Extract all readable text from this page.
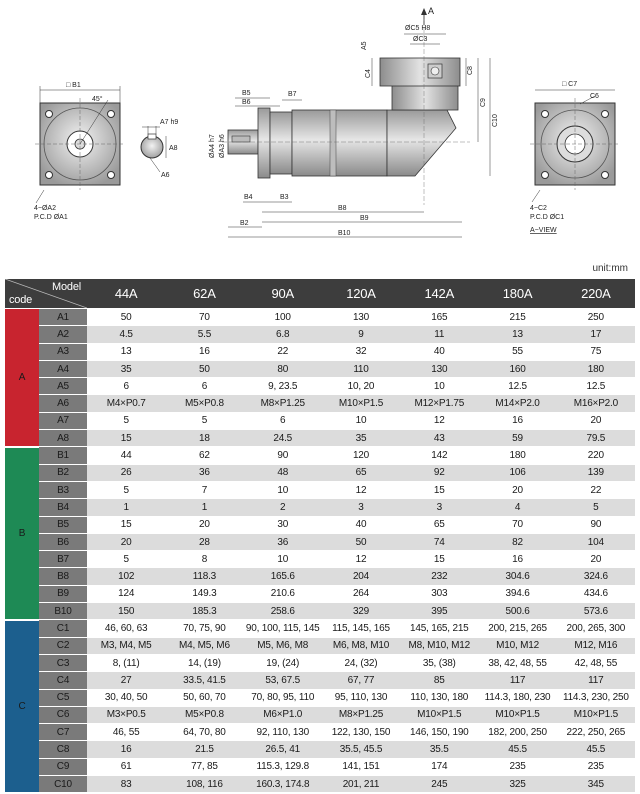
□ B1
45°
4−ØA2
P.C.D ØA1
A7 h9
A8
A6
A
ØC5 H8
ØC3
A5
C4	C8
C9
C10
B5
B6
B7
ØA4 h7 ØA3 h6
B4	B3
B8
B9
B2
B10
□ C7
C6
4−C2
P.C.D ØC1
A−VIEW
unit:mm
Model
code		44A	62A	90A	120A	142A	180A	220A
A	A1	50	70	100	130	165	215	250
	A2	4.5	5.5	6.8	9	11	13	17
	A3	13	16	22	32	40	55	75
	A4	35	50	80	110	130	160	180
	A5	6	6	9, 23.5	10, 20	10	12.5	12.5
	A6	M4×P0.7	M5×P0.8	M8×P1.25	M10×P1.5	M12×P1.75	M14×P2.0	M16×P2.0
	A7	5	5	6	10	12	16	20
	A8	15	18	24.5	35	43	59	79.5
B	B1	44	62	90	120	142	180	220
	B2	26	36	48	65	92	106	139
	B3	5	7	10	12	15	20	22
	B4	1	1	2	3	3	4	5
	B5	15	20	30	40	65	70	90
	B6	20	28	36	50	74	82	104
	B7	5	8	10	12	15	16	20
	B8	102	118.3	165.6	204	232	304.6	324.6
	B9	124	149.3	210.6	264	303	394.6	434.6
	B10	150	185.3	258.6	329	395	500.6	573.6
C	C1	46, 60, 63	70, 75, 90	90, 100, 115, 145	115, 145, 165	145, 165, 215	200, 215, 265	200, 265, 300
	C2	M3, M4, M5	M4, M5, M6	M5, M6, M8	M6, M8, M10	M8, M10, M12	M10, M12	M12, M16
	C3	8, (11)	14, (19)	19, (24)	24, (32)	35, (38)	38, 42, 48, 55	42, 48, 55
	C4	27	33.5, 41.5	53, 67.5	67, 77	85	117	117
	C5	30, 40, 50	50, 60, 70	70, 80, 95, 110	95, 110, 130	110, 130, 180	114.3, 180, 230	114.3, 230, 250
	C6	M3×P0.5	M5×P0.8	M6×P1.0	M8×P1.25	M10×P1.5	M10×P1.5	M10×P1.5
	C7	46, 55	64, 70, 80	92, 110, 130	122, 130, 150	146, 150, 190	182, 200, 250	222, 250, 265
	C8	16	21.5	26.5, 41	35.5, 45.5	35.5	45.5	45.5
	C9	61	77, 85	115.3, 129.8	141, 151	174	235	235
	C10	83	108, 116	160.3, 174.8	201, 211	245	325	345
